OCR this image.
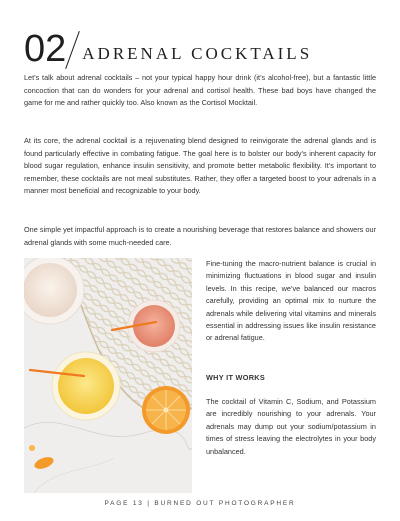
02 ADRENAL COCKTAILS

Let’s talk about adrenal cocktails – not your typical happy hour drink (it’s alcohol-free), but a fantastic little concoction that can do wonders for your adrenal and cortisol health. These bad boys have changed the game for me and rather quickly too. Also known as the Cortisol Mocktail.

At its core, the adrenal cocktail is a rejuvenating blend designed to reinvigorate the adrenal glands and is found particularly effective in combating fatigue. The goal here is to bolster our body’s inherent capacity for blood sugar regulation, enhance insulin sensitivity, and promote better metabolic flexibility. It’s important to remember, these cocktails are not meal substitutes. Rather, they offer a targeted boost to your adrenals in a manner most beneficial and recognizable to your body.

One simple yet impactful approach is to create a nourishing beverage that restores balance and showers our adrenal glands with some much-needed care.

Fine-tuning the macro-nutrient balance is crucial in minimizing fluctuations in blood sugar and insulin levels. In this recipe, we’ve balanced our macros carefully, providing an optimal mix to nurture the adrenals while delivering vital vitamins and minerals essential in addressing issues like insulin resistance or adrenal fatigue.

WHY IT WORKS

The cocktail of Vitamin C, Sodium, and Potassium are incredibly nourishing to your adrenals. Your adrenals may dump out your sodium/potassium in times of stress leaving the electrolytes in your body unbalanced.

PAGE 13 | BURNED OUT PHOTOGRAPHER
